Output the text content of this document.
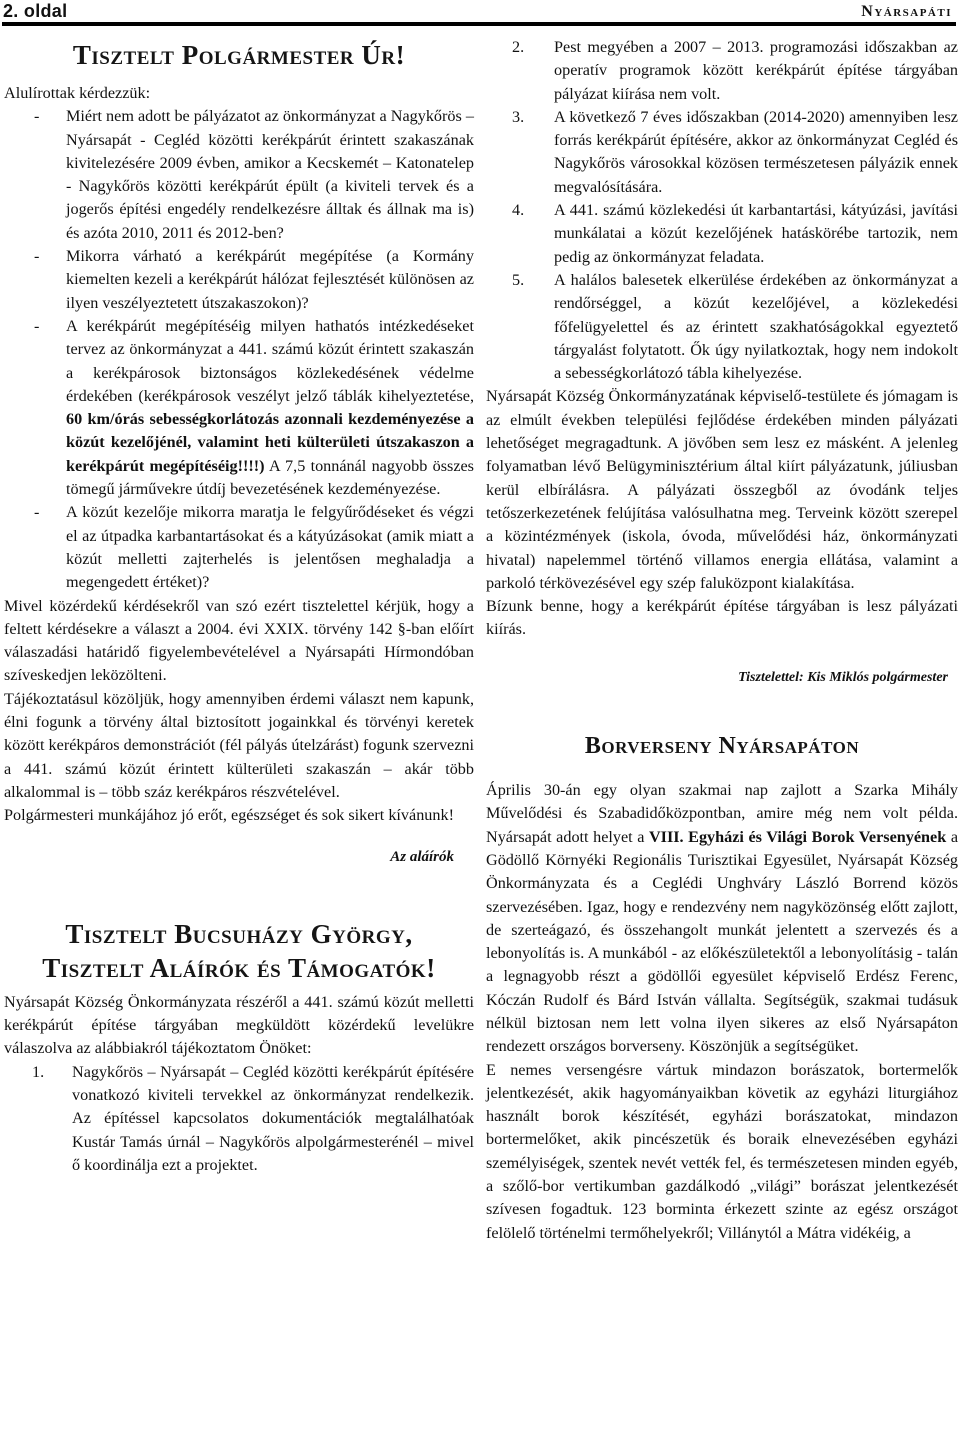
2. oldal	Nyársapáti
Tisztelt Polgármester Úr!

Alulírottak kérdezzük:

- Miért nem adott be pályázatot az önkormányzat a Nagykőrös – Nyársapát - Cegléd közötti kerékpárút érintett szakaszának kivitelezésére 2009 évben, amikor a Kecskemét – Katonatelep - Nagykőrös közötti kerékpárút épült (a kiviteli tervek és a jogerős építési engedély rendelkezésre álltak és állnak ma is) és azóta 2010, 2011 és 2012-ben?
- Mikorra várható a kerékpárút megépítése (a Kormány kiemelten kezeli a kerékpárút hálózat fejlesztését különösen az ilyen veszélyeztetett útszakaszokon)?
- A kerékpárút megépítéséig milyen hathatós intézkedéseket tervez az önkormányzat a 441. számú közút érintett szakaszán a kerékpárosok biztonságos közlekedésének védelme érdekében (kerékpárosok veszélyt jelző táblák kihelyeztetése, 60 km/órás sebességkorlátozás azonnali kezdeményezése a közút kezelőjénél, valamint heti külterületi útszakaszon a kerékpárút megépítéséig!!!!) A 7,5 tonnánál nagyobb összes tömegű járművekre útdíj bevezetésének kezdeményezése.
- A közút kezelője mikorra maratja le felgyűrődéseket és végzi el az útpadka karbantartásokat és a kátyúzásokat (amik miatt a közút melletti zajterhelés is jelentősen meghaladja a megengedett értéket)?

Mivel közérdekű kérdésekről van szó ezért tisztelettel kérjük, hogy a feltett kérdésekre a választ a 2004. évi XXIX. törvény 142 §-ban előírt válaszadási határidő figyelembevételével a Nyársapáti Hírmondóban szíveskedjen leközölteni.

Tájékoztatásul közöljük, hogy amennyiben érdemi választ nem kapunk, élni fogunk a törvény által biztosított jogainkkal és törvényi keretek között kerékpáros demonstrációt (fél pályás útelzárást) fogunk szervezni a 441. számú közút érintett külterületi szakaszán – akár több alkalommal is – több száz kerékpáros részvételével.

Polgármesteri munkájához jó erőt, egészséget és sok sikert kívánunk!

Az aláírók
Tisztelt Bucsuházy György,
Tisztelt Aláírók és Támogatók!

Nyársapát Község Önkormányzata részéről a 441. számú közút melletti kerékpárút építése tárgyában megküldött közérdekű levelükre válaszolva az alábbiakról tájékoztatom Önöket:

1. Nagykőrös – Nyársapát – Cegléd közötti kerékpárút építésére vonatkozó kiviteli tervekkel az önkormányzat rendelkezik. Az építéssel kapcsolatos dokumentációk megtalálhatóak Kustár Tamás úrnál – Nagykőrös alpolgármesterénél – mivel ő koordinálja ezt a projektet.
2. Pest megyében a 2007 – 2013. programozási időszakban az operatív programok között kerékpárút építése tárgyában pályázat kiírása nem volt.
3. A következő 7 éves időszakban (2014-2020) amennyiben lesz forrás kerékpárút építésére, akkor az önkormányzat Cegléd és Nagykőrös városokkal közösen természetesen pályázik ennek megvalósítására.
4. A 441. számú közlekedési út karbantartási, kátyúzási, javítási munkálatai a közút kezelőjének hatáskörébe tartozik, nem pedig az önkormányzat feladata.
5. A halálos balesetek elkerülése érdekében az önkormányzat a rendőrséggel, a közút kezelőjével, a közlekedési főfelügyelettel és az érintett szakhatóságokkal egyeztető tárgyalást folytatott. Ők úgy nyilatkoztak, hogy nem indokolt a sebességkorlátozó tábla kihelyezése.

Nyársapát Község Önkormányzatának képviselő-testülete és jómagam is az elmúlt években települési fejlődése érdekében minden pályázati lehetőséget megragadtunk. A jövőben sem lesz ez másként. A jelenleg folyamatban lévő Belügyminisztérium által kiírt pályázatunk, júliusban kerül elbírálásra. A pályázati összegből az óvodánk teljes tetőszerkezetének felújítása valósulhatna meg. Terveink között szerepel a közintézmények (iskola, óvoda, művelődési ház, önkormányzati hivatal) napelemmel történő villamos energia ellátása, valamint a parkoló térkövezésével egy szép faluközpont kialakítása.

Bízunk benne, hogy a kerékpárút építése tárgyában is lesz pályázati kiírás.

Tisztelettel: Kis Miklós polgármester
Borverseny Nyársapáton

Április 30-án egy olyan szakmai nap zajlott a Szarka Mihály Művelődési és Szabadidőközpontban, amire még nem volt példa. Nyársapát adott helyet a VIII. Egyházi és Világi Borok Versenyének a Gödöllő Környéki Regionális Turisztikai Egyesület, Nyársapát Község Önkormányzata és a Ceglédi Unghváry László Borrend közös szervezésében. Igaz, hogy e rendezvény nem nagyközönség előtt zajlott, de szerteágazó, és összehangolt munkát jelentett a szervezés és a lebonyolítás is. A munkából - az előkészületektől a lebonyolításig - talán a legnagyobb részt a gödöllői egyesület képviselő Erdész Ferenc, Kóczán Rudolf és Bárd István vállalta. Segítségük, szakmai tudásuk nélkül biztosan nem lett volna ilyen sikeres az első Nyársapáton rendezett országos borverseny. Köszönjük a segítségüket.

E nemes versengésre vártuk mindazon borászatok, bortermelők jelentkezését, akik hagyományaikban követik az egyházi liturgiához használt borok készítését, egyházi borászatokat, mindazon bortermelőket, akik pincészetük és boraik elnevezésében egyházi személyiségek, szentek nevét vették fel, és természetesen minden egyéb, a szőlő-bor vertikumban gazdálkodó „világi” borászat jelentkezését szívesen fogadtuk. 123 borminta érkezett szinte az egész országot felölelő történelmi termőhelyekről; Villánytól a Mátra vidékéig, a
